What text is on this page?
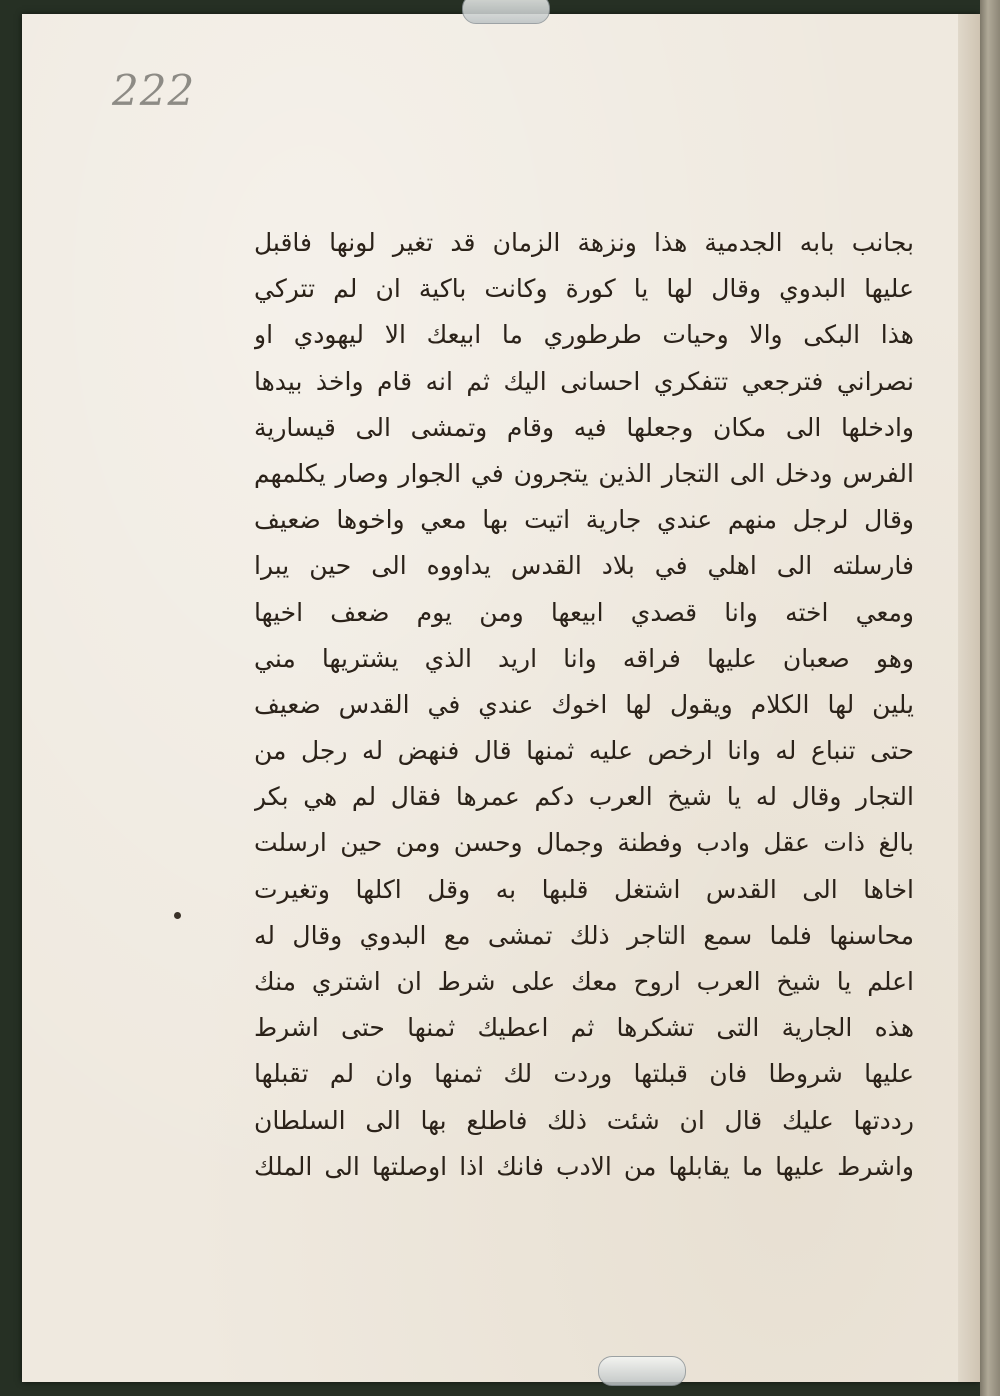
222
بجانب بابه الجدمية هذا ونزهة الزمان قد تغير لونها فاقبل
عليها البدوي وقال لها يا كورة وكانت باكية ان لم تتركي
هذا البكى والا وحيات طرطوري ما ابيعك الا ليهودي او
نصراني فترجعي تتفكري احسانى اليك ثم انه قام واخذ بيدها
وادخلها الى مكان وجعلها فيه وقام وتمشى الى قيسارية
الفرس ودخل الى التجار الذين يتجرون في الجوار وصار يكلمهم
وقال لرجل منهم عندي جارية اتيت بها معي واخوها ضعيف
فارسلته الى اهلي في بلاد القدس يداووه الى حين يبرا
ومعي اخته وانا قصدي ابيعها ومن يوم ضعف اخيها
وهو صعبان عليها فراقه وانا اريد الذي يشتريها مني
يلين لها الكلام ويقول لها اخوك عندي في القدس ضعيف
حتى تنباع له وانا ارخص عليه ثمنها قال فنهض له رجل من
التجار وقال له يا شيخ العرب دكم عمرها فقال لم هي بكر
بالغ ذات عقل وادب وفطنة وجمال وحسن ومن حين ارسلت
اخاها الى القدس اشتغل قلبها به وقل اكلها وتغيرت
محاسنها فلما سمع التاجر ذلك تمشى مع البدوي وقال له
اعلم يا شيخ العرب اروح معك على شرط ان اشتري منك
هذه الجارية التى تشكرها ثم اعطيك ثمنها حتى اشرط
عليها شروطا فان قبلتها وردت لك ثمنها وان لم تقبلها
رددتها عليك قال ان شئت ذلك فاطلع بها الى السلطان
واشرط عليها ما يقابلها من الادب فانك اذا اوصلتها الى الملك
